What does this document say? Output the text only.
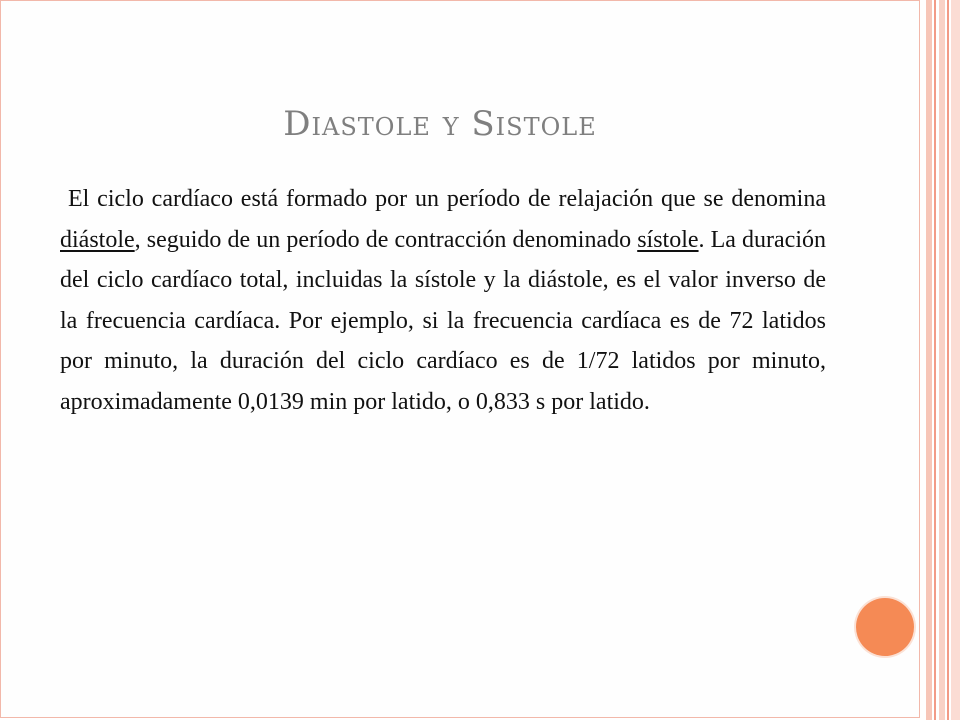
Diastole y Sistole

El ciclo cardíaco está formado por un período de relajación que se denomina diástole, seguido de un período de contracción denominado sístole. La duración del ciclo cardíaco total, incluidas la sístole y la diástole, es el valor inverso de la frecuencia cardíaca. Por ejemplo, si la frecuencia cardíaca es de 72 latidos por minuto, la duración del ciclo cardíaco es de 1/72 latidos por minuto, aproximadamente 0,0139 min por latido, o 0,833 s por latido.
